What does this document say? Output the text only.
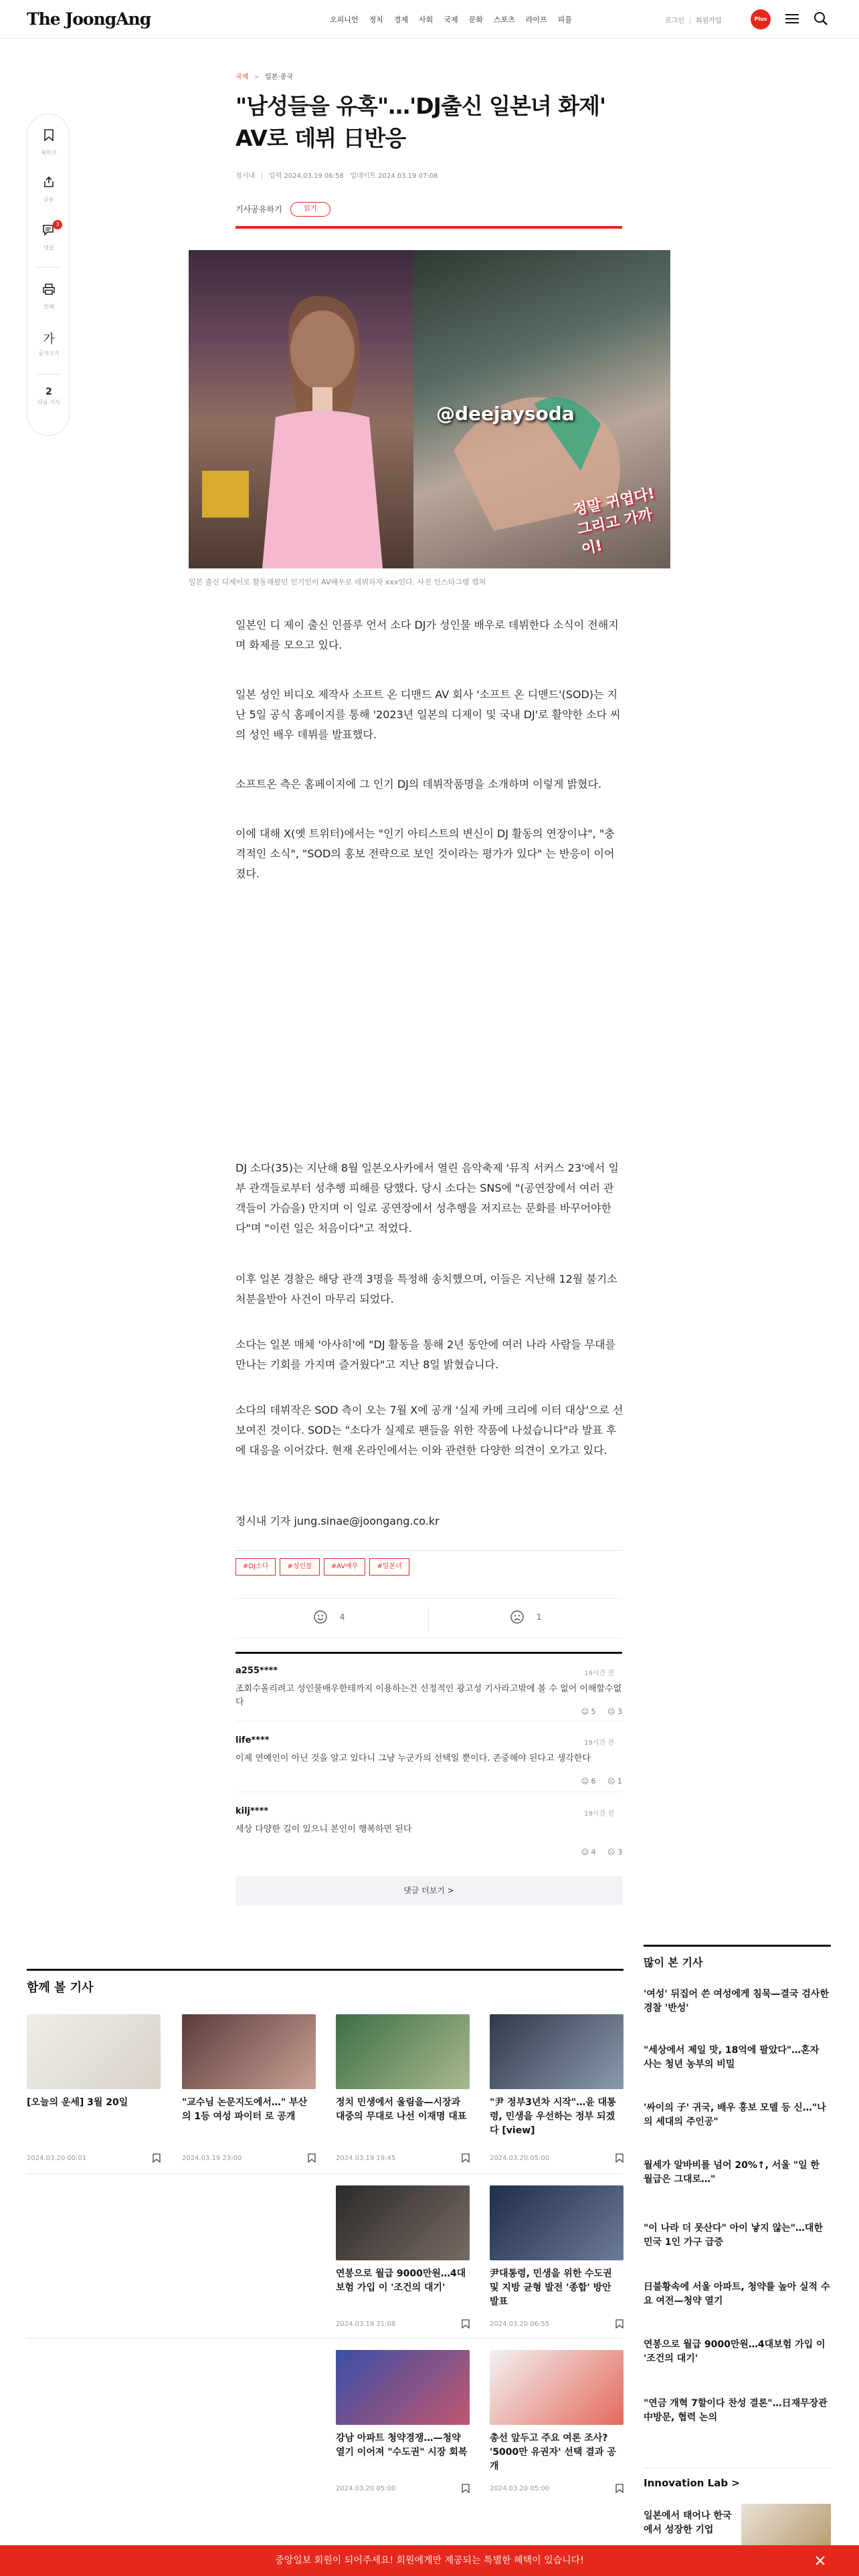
The JoongAng	오피니언 정치 경제 사회 국제 문화 스포츠 라이프 피플	로그인 회원가입	Plus
북마크
공유
3
댓글
인쇄
가
글자크기
2
다음 기사
국제 > 일본·중국
"남성들을 유혹"…'DJ출신 일본녀 화제' AV로 데뷔 日반응
정시내 입력 2024.03.19 06:58 업데이트 2024.03.19 07:08
기사공유하기	읽기
@deejaysoda
정말 귀엽다! 그리고 가까이!
일본 출신 디제이로 활동해왔던 인기인이 AV배우로 데뷔하자 xxx인다. 사진 인스타그램 캡처

일본인 디 제이 출신 인플루 언서 소다 DJ가 성인물 배우로 데뷔한다 소식이 전해지며 화제를 모으고 있다.

일본 성인 비디오 제작사 소프트 온 디맨드 AV 회사 '소프트 온 디맨드'(SOD)는 지난 5일 공식 홈페이지를 통해 '2023년 일본의 디제이 및 국내 DJ'로 활약한 소다 씨의 성인 배우 데뷔를 발표했다.

소프트온 측은 홈페이지에 그 인기 DJ의 데뷔작품명을 소개하며 이렇게 밝혔다.

이에 대해 X(옛 트위터)에서는 "인기 아티스트의 변신이 DJ 활동의 연장이냐", "충격적인 소식", "SOD의 홍보 전략으로 보인 것이라는 평가가 있다" 는 반응이 이어졌다.

DJ 소다(35)는 지난해 8월 일본오사카에서 열린 음악축제 '뮤직 서커스 23'에서 일부 관객들로부터 성추행 피해를 당했다. 당시 소다는 SNS에 "(공연장에서 여러 관객들이 가슴을) 만지며 이 일로 공연장에서 성추행을 저지르는 문화를 바꾸어야한다"며 "이런 일은 처음이다"고 적었다.

이후 일본 경찰은 해당 관객 3명을 특정해 송치했으며, 이들은 지난해 12월 불기소처분을받아 사건이 마무리 되었다.

소다는 일본 매체 '아사히'에 "DJ 활동을 통해 2년 동안에 여러 나라 사람들 무대를 만나는 기회를 가지며 즐거웠다"고 지난 8일 밝혔습니다.

소다의 데뷔작은 SOD 측이 오는 7월 X에 공개 '실제 카메 크리에 이터 대상'으로 선보여진 것이다. SOD는 "소다가 실제로 팬들을 위한 작품에 나섰습니다"라 발표 후에 대응을 이어갔다. 현재 온라인에서는 이와 관련한 다양한 의견이 오가고 있다.

정시내 기자 jung.sinae@joongang.co.kr

#DJ소다	#성인물	#AV배우	#일본녀
4	1
a255****	19시간 전
조회수올리려고 성인물배우한테까지 이용하는건 선정적인 광고성 기사라고밖에 볼 수 없어 이해할수없다
☺ 5 ☹ 3
life****	19시간 전
이제 연예인이 아닌 것을 알고 있다니 그냥 누군가의 선택일 뿐이다. 존중해야 된다고 생각한다
☺ 6 ☹ 1
kilj****	19시간 전
세상 다양한 길이 있으니 본인이 행복하면 된다
☺ 4 ☹ 3
댓글 더보기 >
함께 볼 기사
[오늘의 운세] 3월 20일
2024.03.20 00:01
"교수님 논문지도에서…" 부산의 1등 여성 파이터 로 공개
2024.03.19 23:00
정치 민생에서 울림을—시장과 대중의 무대로 나선 이재명 대표
2024.03.19 19:45
"尹 정부3년차 시작"…윤 대통령, 민생을 우선하는 정부 되겠다 [view]
2024.03.20 05:00
연봉으로 월급 9000만원…4대보험 가입 이 '조건의 대기'
2024.03.19 21:08
尹대통령, 민생을 위한 수도권 및 지방 균형 발전 '종합' 방안 발표
2024.03.20 06:55
강남 아파트 청약경쟁…—청약 열기 이어져 "수도권" 시장 회복
2024.03.20 05:00
총선 앞두고 주요 여론 조사? '5000만 유권자' 선택 결과 공개
2024.03.20 05:00
많이 본 기사
'여성' 뒤집어 쓴 여성에게 침묵—결국 검사한 경찰 '반성'
"세상에서 제일 맛, 18억에 팔았다"…혼자 사는 청년 농부의 비밀
'싸이의 子' 귀국, 배우 홍보 모델 등 신…"나의 세대의 주인공"
월세가 알바비를 넘어 20%↑, 서울 "일 한 월급은 그대로…"
"이 나라 더 못산다" 아이 낳지 않는"…대한민국 1인 가구 급증
日불황속에 서울 아파트, 청약률 높아 실적 수요 여전—청약 열기
연봉으로 월급 9000만원…4대보험 가입 이 '조건의 대기'
"연금 개혁 7할이다 찬성 결론"…日재무장관 中방문, 협력 논의
Innovation Lab >
일본에서 태어나 한국에서 성장한 기업
중앙일보 회원이 되어주세요! 회원에게만 제공되는 특별한 혜택이 있습니다!
